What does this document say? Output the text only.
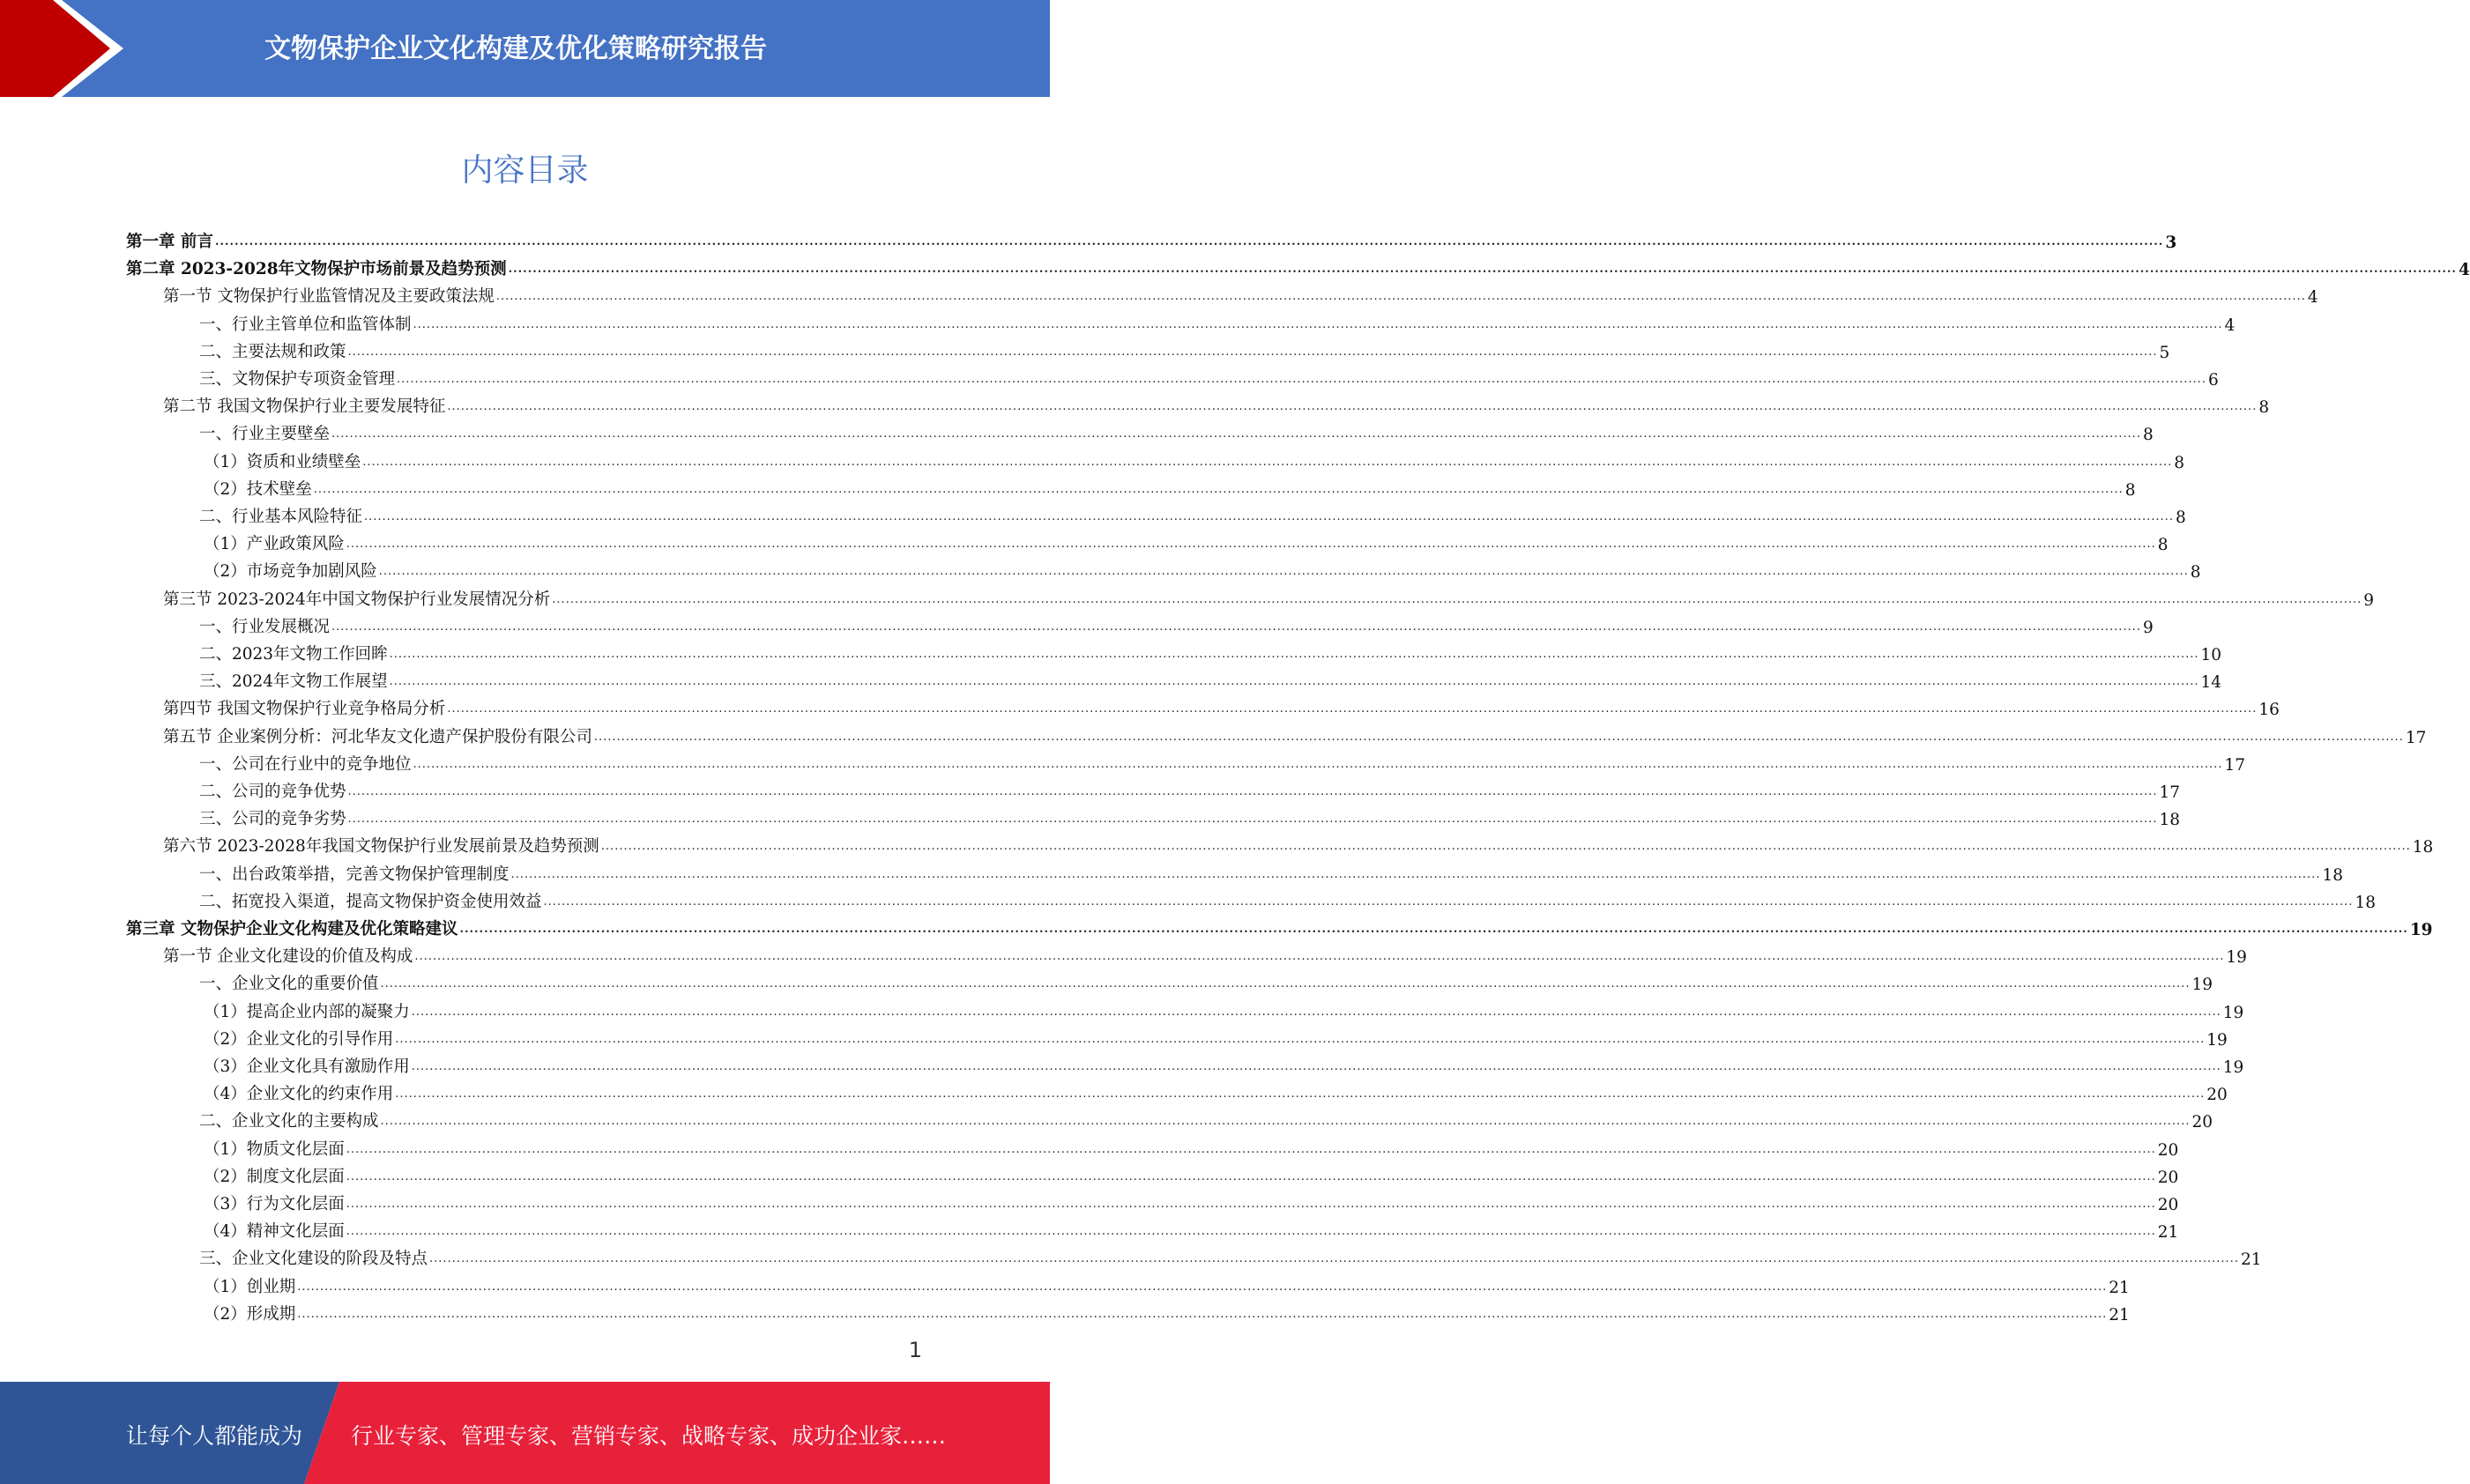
文物保护企业文化构建及优化策略研究报告
内容目录
第一章 前言 ................................................................................................................................................................................................................................................................................................................................................................................................................ 3
第二章 2023-2028年文物保护市场前景及趋势预测 ................................................................................................................................................................................................................................................................................................................................................................................................................ 4
第一节 文物保护行业监管情况及主要政策法规 ................................................................................................................................................................................................................................................................................................................................................................................................................ 4
一、行业主管单位和监管体制 ................................................................................................................................................................................................................................................................................................................................................................................................................ 4
二、主要法规和政策 ................................................................................................................................................................................................................................................................................................................................................................................................................ 5
三、文物保护专项资金管理 ................................................................................................................................................................................................................................................................................................................................................................................................................ 6
第二节 我国文物保护行业主要发展特征 ................................................................................................................................................................................................................................................................................................................................................................................................................ 8
一、行业主要壁垒 ................................................................................................................................................................................................................................................................................................................................................................................................................ 8
（1）资质和业绩壁垒 ................................................................................................................................................................................................................................................................................................................................................................................................................ 8
（2）技术壁垒 ................................................................................................................................................................................................................................................................................................................................................................................................................ 8
二、行业基本风险特征 ................................................................................................................................................................................................................................................................................................................................................................................................................ 8
（1）产业政策风险 ................................................................................................................................................................................................................................................................................................................................................................................................................ 8
（2）市场竞争加剧风险 ................................................................................................................................................................................................................................................................................................................................................................................................................ 8
第三节 2023-2024年中国文物保护行业发展情况分析 ................................................................................................................................................................................................................................................................................................................................................................................................................ 9
一、行业发展概况 ................................................................................................................................................................................................................................................................................................................................................................................................................ 9
二、2023年文物工作回眸 ................................................................................................................................................................................................................................................................................................................................................................................................................ 10
三、2024年文物工作展望 ................................................................................................................................................................................................................................................................................................................................................................................................................ 14
第四节 我国文物保护行业竞争格局分析 ................................................................................................................................................................................................................................................................................................................................................................................................................ 16
第五节 企业案例分析：河北华友文化遗产保护股份有限公司 ................................................................................................................................................................................................................................................................................................................................................................................................................ 17
一、公司在行业中的竞争地位 ................................................................................................................................................................................................................................................................................................................................................................................................................ 17
二、公司的竞争优势 ................................................................................................................................................................................................................................................................................................................................................................................................................ 17
三、公司的竞争劣势 ................................................................................................................................................................................................................................................................................................................................................................................................................ 18
第六节 2023-2028年我国文物保护行业发展前景及趋势预测 ................................................................................................................................................................................................................................................................................................................................................................................................................ 18
一、出台政策举措，完善文物保护管理制度 ................................................................................................................................................................................................................................................................................................................................................................................................................ 18
二、拓宽投入渠道，提高文物保护资金使用效益 ................................................................................................................................................................................................................................................................................................................................................................................................................ 18
第三章 文物保护企业文化构建及优化策略建议 ................................................................................................................................................................................................................................................................................................................................................................................................................ 19
第一节 企业文化建设的价值及构成 ................................................................................................................................................................................................................................................................................................................................................................................................................ 19
一、企业文化的重要价值 ................................................................................................................................................................................................................................................................................................................................................................................................................ 19
（1）提高企业内部的凝聚力 ................................................................................................................................................................................................................................................................................................................................................................................................................ 19
（2）企业文化的引导作用 ................................................................................................................................................................................................................................................................................................................................................................................................................ 19
（3）企业文化具有激励作用 ................................................................................................................................................................................................................................................................................................................................................................................................................ 19
（4）企业文化的约束作用 ................................................................................................................................................................................................................................................................................................................................................................................................................ 20
二、企业文化的主要构成 ................................................................................................................................................................................................................................................................................................................................................................................................................ 20
（1）物质文化层面 ................................................................................................................................................................................................................................................................................................................................................................................................................ 20
（2）制度文化层面 ................................................................................................................................................................................................................................................................................................................................................................................................................ 20
（3）行为文化层面 ................................................................................................................................................................................................................................................................................................................................................................................................................ 20
（4）精神文化层面 ................................................................................................................................................................................................................................................................................................................................................................................................................ 21
三、企业文化建设的阶段及特点 ................................................................................................................................................................................................................................................................................................................................................................................................................ 21
（1）创业期 ................................................................................................................................................................................................................................................................................................................................................................................................................ 21
（2）形成期 ................................................................................................................................................................................................................................................................................................................................................................................................................ 21
1
让每个人都能成为 行业专家、管理专家、营销专家、战略专家、成功企业家……
